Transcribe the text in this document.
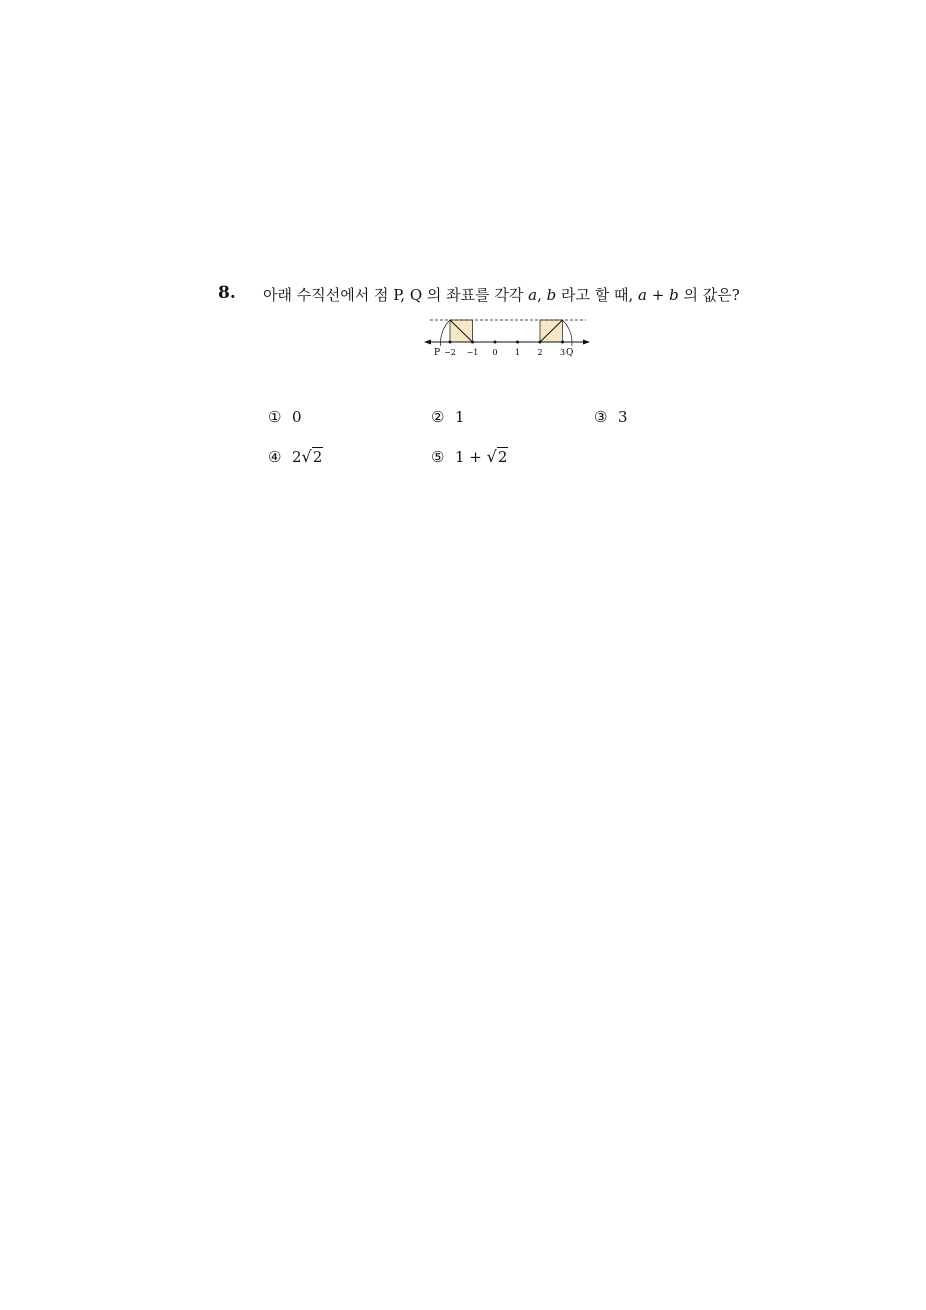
8. 아래 수직선에서 점 P, Q 의 좌표를 각각 a, b 라고 할 때, a + b 의 값은?
−2 −1 0 1 2 3
P	Q
① 0	② 1	③ 3
④ 2√2	⑤ 1 + √2
